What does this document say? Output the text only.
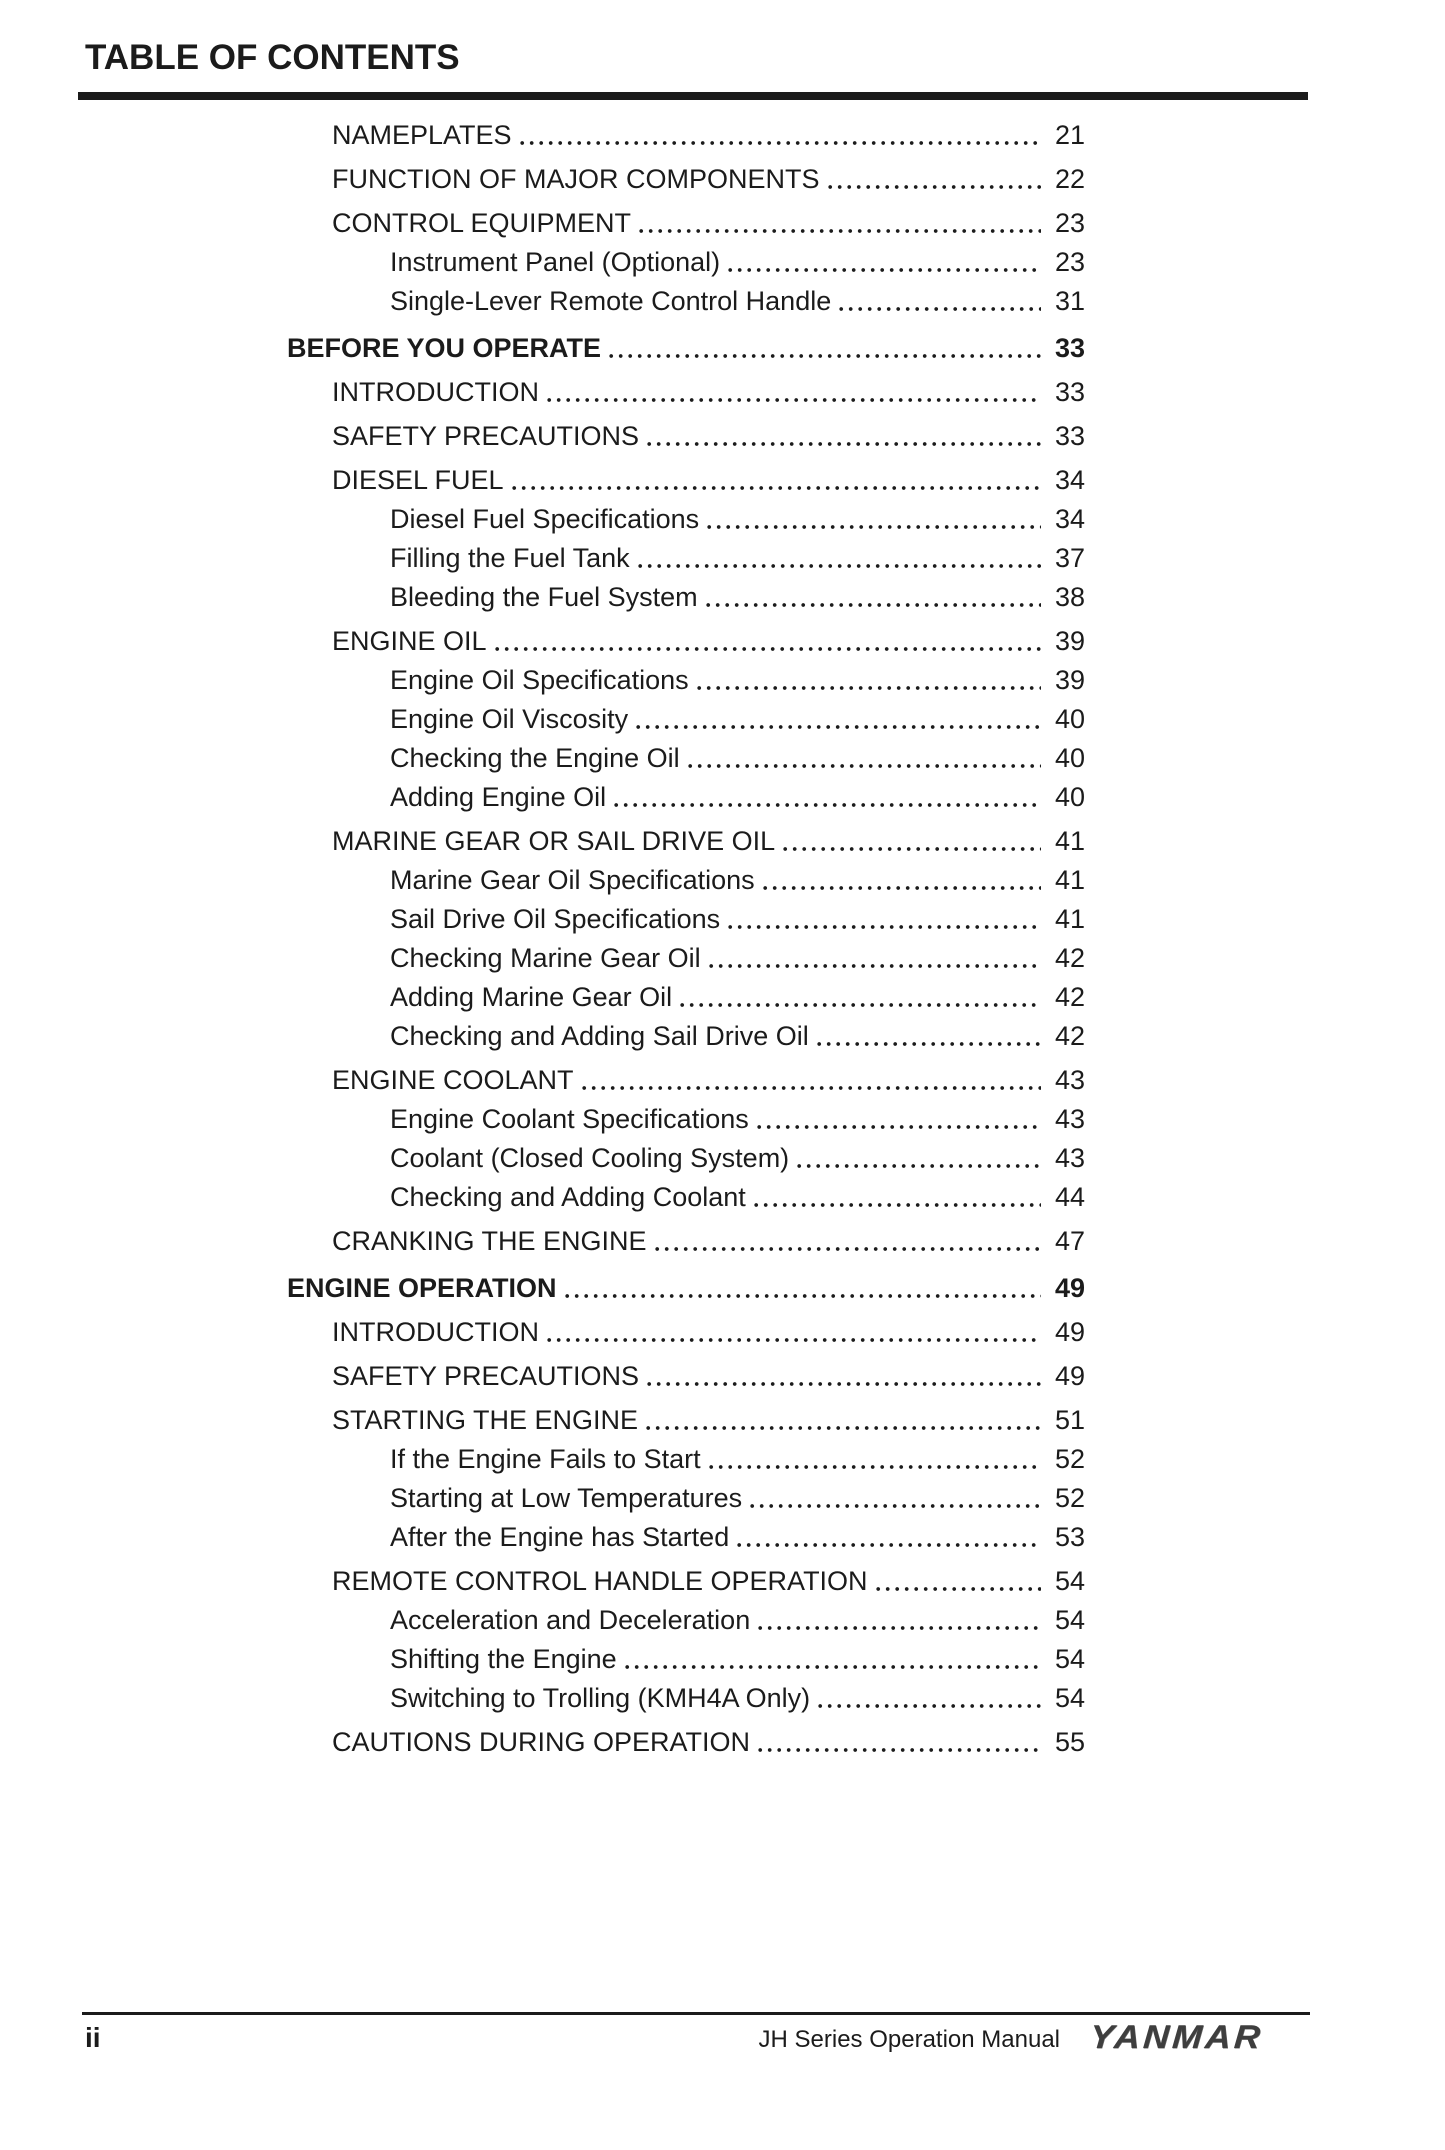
TABLE OF CONTENTS
NAMEPLATES	21
FUNCTION OF MAJOR COMPONENTS	22
CONTROL EQUIPMENT	23
Instrument Panel (Optional)	23
Single-Lever Remote Control Handle	31
BEFORE YOU OPERATE	33
INTRODUCTION	33
SAFETY PRECAUTIONS	33
DIESEL FUEL	34
Diesel Fuel Specifications	34
Filling the Fuel Tank	37
Bleeding the Fuel System	38
ENGINE OIL	39
Engine Oil Specifications	39
Engine Oil Viscosity	40
Checking the Engine Oil	40
Adding Engine Oil	40
MARINE GEAR OR SAIL DRIVE OIL	41
Marine Gear Oil Specifications	41
Sail Drive Oil Specifications	41
Checking Marine Gear Oil	42
Adding Marine Gear Oil	42
Checking and Adding Sail Drive Oil	42
ENGINE COOLANT	43
Engine Coolant Specifications	43
Coolant (Closed Cooling System)	43
Checking and Adding Coolant	44
CRANKING THE ENGINE	47
ENGINE OPERATION	49
INTRODUCTION	49
SAFETY PRECAUTIONS	49
STARTING THE ENGINE	51
If the Engine Fails to Start	52
Starting at Low Temperatures	52
After the Engine has Started	53
REMOTE CONTROL HANDLE OPERATION	54
Acceleration and Deceleration	54
Shifting the Engine	54
Switching to Trolling (KMH4A Only)	54
CAUTIONS DURING OPERATION	55
ii	JH Series Operation Manual YANMAR
